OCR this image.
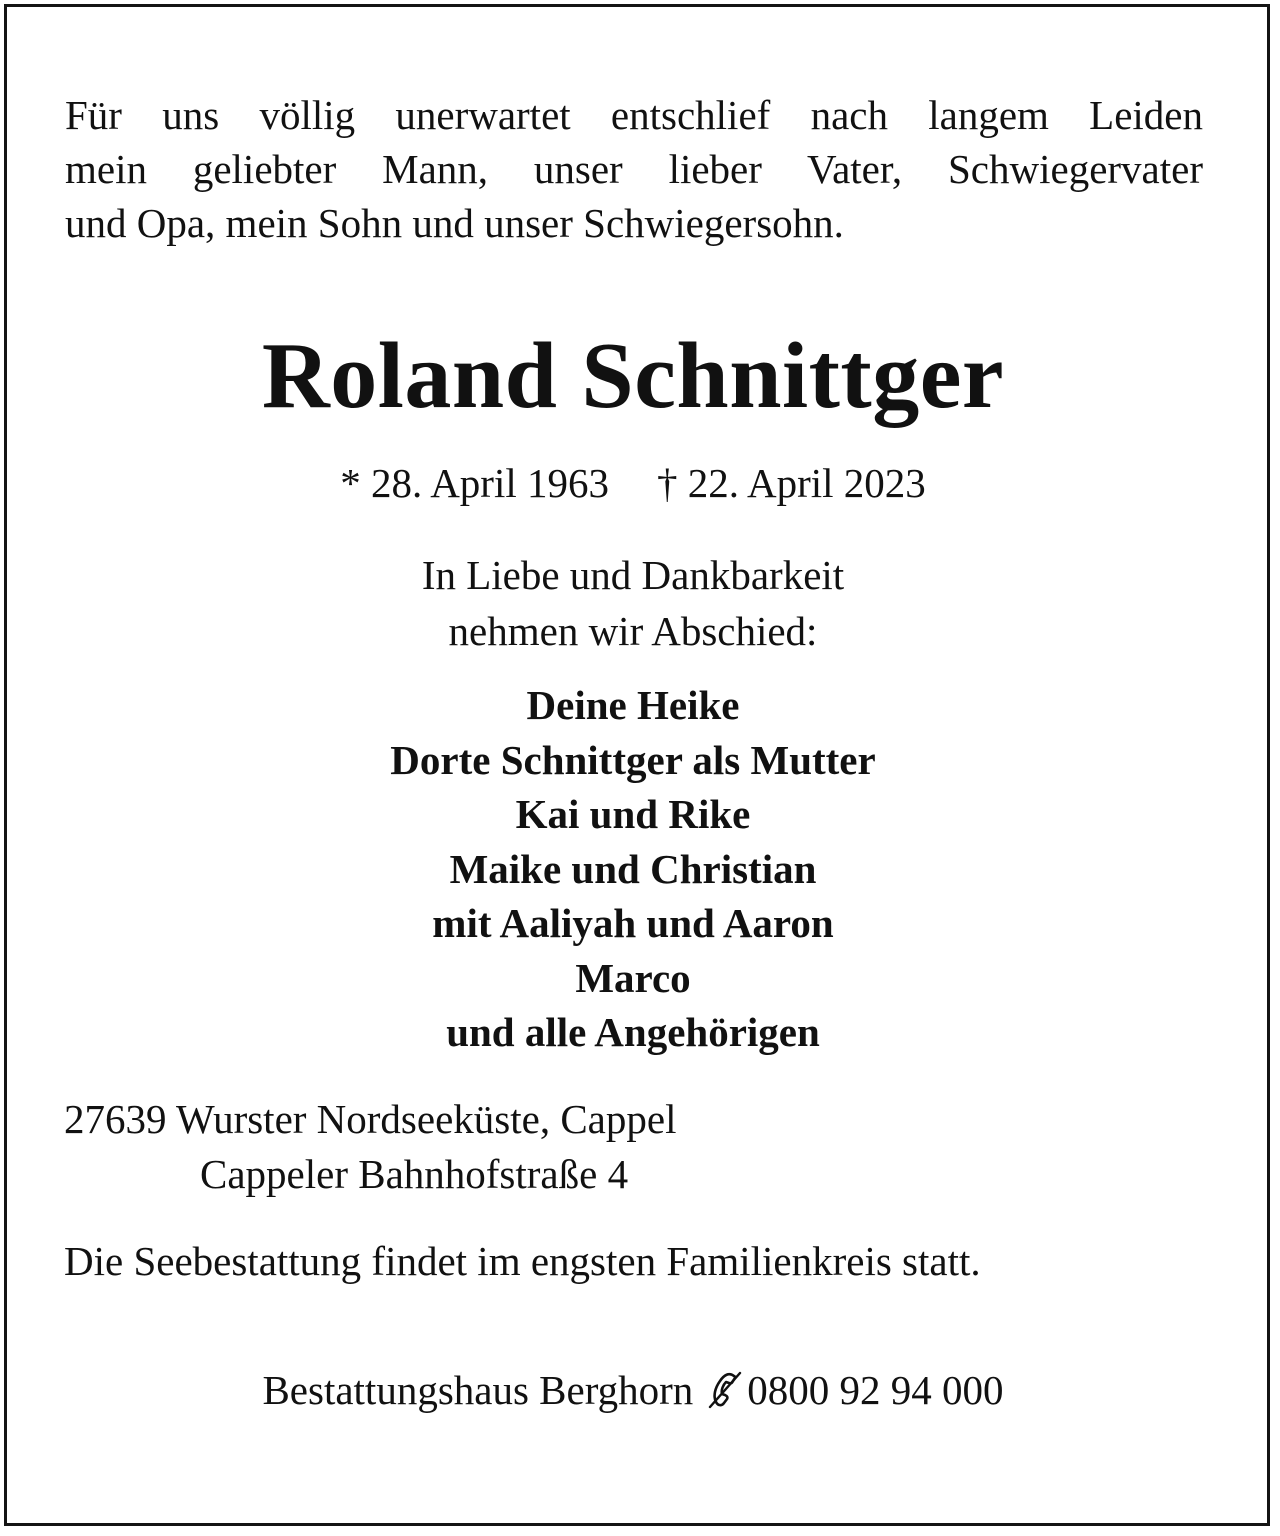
Für uns völlig unerwartet entschlief nach langem Leiden
mein geliebter Mann, unser lieber Vater, Schwiegervater
und Opa, mein Sohn und unser Schwiegersohn.
Roland Schnittger
* 28. April 1963 † 22. April 2023
In Liebe und Dankbarkeit
nehmen wir Abschied:
Deine Heike
Dorte Schnittger als Mutter
Kai und Rike
Maike und Christian
mit Aaliyah und Aaron
Marco
und alle Angehörigen
27639 Wurster Nordseeküste, Cappel
Cappeler Bahnhofstraße 4
Die Seebestattung findet im engsten Familienkreis statt.
Bestattungshaus Berghorn 0800 92 94 000
